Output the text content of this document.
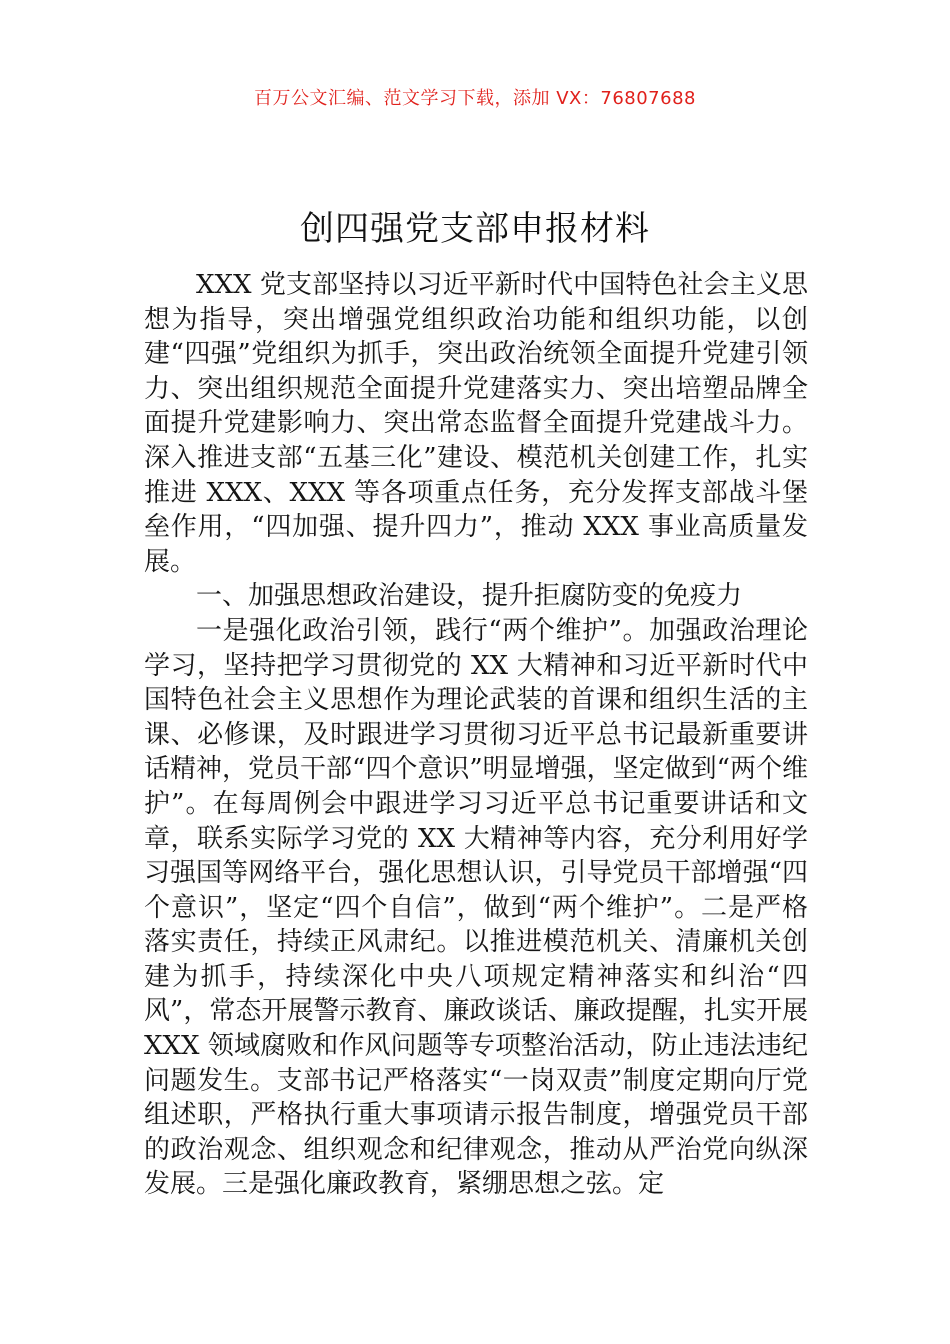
百万公文汇编、范文学习下载，添加 VX：76807688
创四强党支部申报材料

XXX 党支部坚持以习近平新时代中国特色社会主义思想为指导，突出增强党组织政治功能和组织功能，以创建“四强”党组织为抓手，突出政治统领全面提升党建引领力、突出组织规范全面提升党建落实力、突出培塑品牌全面提升党建影响力、突出常态监督全面提升党建战斗力。深入推进支部“五基三化”建设、模范机关创建工作，扎实推进 XXX、XXX 等各项重点任务，充分发挥支部战斗堡垒作用，“四加强、提升四力”，推动 XXX 事业高质量发展。

一、加强思想政治建设，提升拒腐防变的免疫力

一是强化政治引领，践行“两个维护”。加强政治理论学习，坚持把学习贯彻党的 XX 大精神和习近平新时代中国特色社会主义思想作为理论武装的首课和组织生活的主课、必修课，及时跟进学习贯彻习近平总书记最新重要讲话精神，党员干部“四个意识”明显增强，坚定做到“两个维护”。在每周例会中跟进学习习近平总书记重要讲话和文章，联系实际学习党的 XX 大精神等内容，充分利用好学习强国等网络平台，强化思想认识，引导党员干部增强“四个意识”，坚定“四个自信”，做到“两个维护”。二是严格落实责任，持续正风肃纪。以推进模范机关、清廉机关创建为抓手，持续深化中央八项规定精神落实和纠治“四风”，常态开展警示教育、廉政谈话、廉政提醒，扎实开展 XXX 领域腐败和作风问题等专项整治活动，防止违法违纪问题发生。支部书记严格落实“一岗双责”制度定期向厅党组述职，严格执行重大事项请示报告制度，增强党员干部的政治观念、组织观念和纪律观念，推动从严治党向纵深发展。三是强化廉政教育，紧绷思想之弦。定
